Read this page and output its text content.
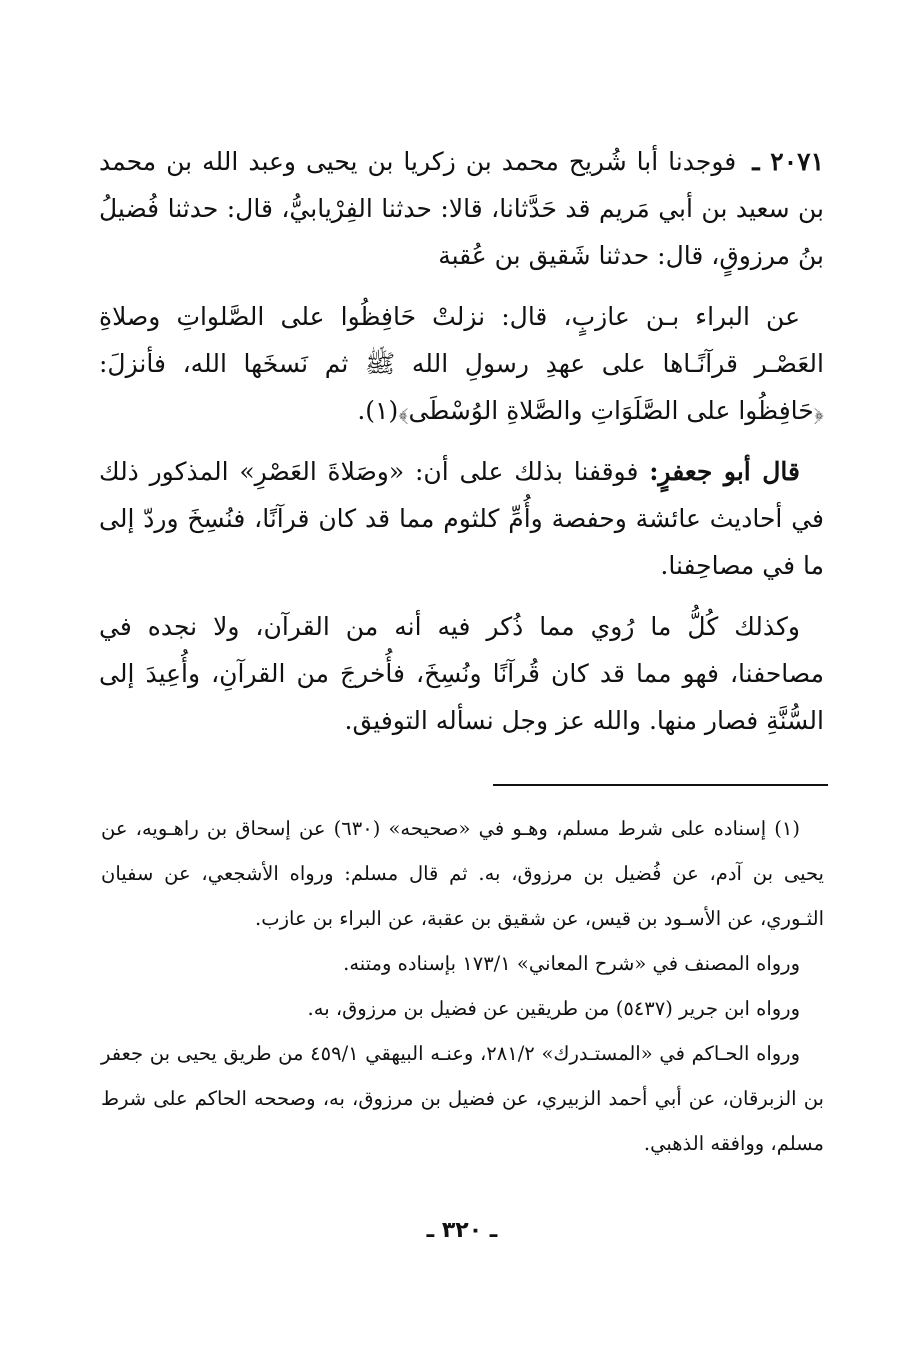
٢٠٧١ ـ فوجدنا أبا شُريح محمد بن زكريا بن يحيى وعبد الله بن محمد بن سعيد بن أبي مَريم قد حَدَّثانا، قالا: حدثنا الفِرْيابيُّ، قال: حدثنا فُضيلُ بنُ مرزوقٍ، قال: حدثنا شَقيق بن عُقبة

عن البراء بـن عازبٍ، قال: نزلتْ حَافِظُوا على الصَّلواتِ وصلاةِ العَصْـر قرآنًـاها على عهدِ رسولِ الله ﷺ ثم نَسخَها الله، فأنزلَ: ﴿حَافِظُوا على الصَّلَوَاتِ والصَّلاةِ الوُسْطَى﴾(١).

قال أبو جعفرٍ: فوقفنا بذلك على أن: «وصَلاةَ العَصْرِ» المذكور ذلك في أحاديث عائشة وحفصة وأُمِّ كلثوم مما قد كان قرآنًا، فنُسِخَ وردّ إلى ما في مصاحِفنا.

وكذلك كُلُّ ما رُوي مما ذُكر فيه أنه من القرآن، ولا نجده في مصاحفنا، فهو مما قد كان قُرآنًا ونُسِخَ، فأُخرجَ من القرآنِ، وأُعِيدَ إلى السُّنَّةِ فصار منها. والله عز وجل نسأله التوفيق.

(١) إسناده على شرط مسلم، وهـو في «صحيحه» (٦٣٠) عن إسحاق بن راهـويه، عن يحيى بن آدم، عن فُضيل بن مرزوق، به. ثم قال مسلم: ورواه الأشجعي، عن سفيان الثـوري، عن الأسـود بن قيس، عن شقيق بن عقبة، عن البراء بن عازب.

ورواه المصنف في «شرح المعاني» ١٧٣/١ بإسناده ومتنه.

ورواه ابن جرير (٥٤٣٧) من طريقين عن فضيل بن مرزوق، به.

ورواه الحـاكم في «المستـدرك» ٢٨١/٢، وعنـه البيهقي ٤٥٩/١ من طريق يحيى بن جعفر بن الزبرقان، عن أبي أحمد الزبيري، عن فضيل بن مرزوق، به، وصححه الحاكم على شرط مسلم، ووافقه الذهبي.

ـ ٣٢٠ ـ
